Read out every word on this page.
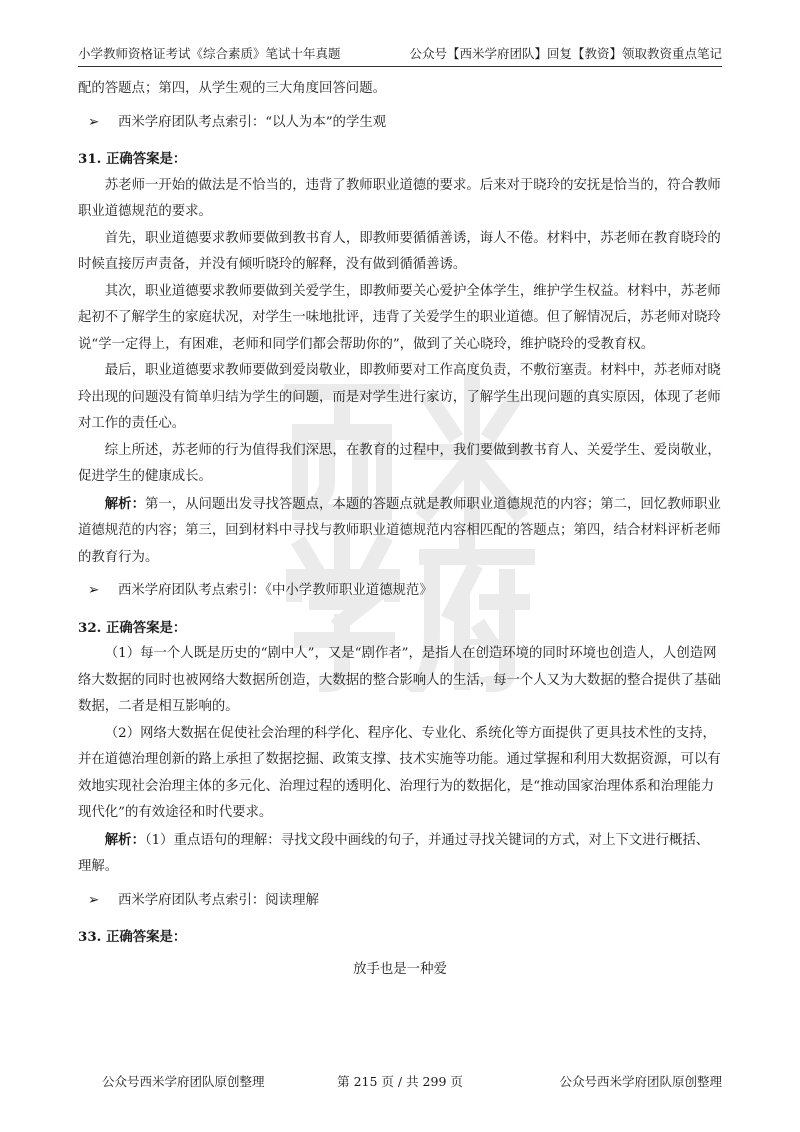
小学教师资格证考试《综合素质》笔试十年真题	公众号【西米学府团队】回复【教资】领取教资重点笔记

配的答题点；第四，从学生观的三大角度回答问题。

➢ 西米学府团队考点索引：“以人为本”的学生观

31. 正确答案是：

苏老师一开始的做法是不恰当的，违背了教师职业道德的要求。后来对于晓玲的安抚是恰当的，符合教师职业道德规范的要求。

首先，职业道德要求教师要做到教书育人，即教师要循循善诱，诲人不倦。材料中，苏老师在教育晓玲的时候直接厉声责备，并没有倾听晓玲的解释，没有做到循循善诱。

其次，职业道德要求教师要做到关爱学生，即教师要关心爱护全体学生，维护学生权益。材料中，苏老师起初不了解学生的家庭状况，对学生一味地批评，违背了关爱学生的职业道德。但了解情况后，苏老师对晓玲说“学一定得上，有困难，老师和同学们都会帮助你的”，做到了关心晓玲，维护晓玲的受教育权。

最后，职业道德要求教师要做到爱岗敬业，即教师要对工作高度负责，不敷衍塞责。材料中，苏老师对晓玲出现的问题没有简单归结为学生的问题，而是对学生进行家访，了解学生出现问题的真实原因，体现了老师对工作的责任心。

综上所述，苏老师的行为值得我们深思，在教育的过程中，我们要做到教书育人、关爱学生、爱岗敬业，促进学生的健康成长。

解析：第一，从问题出发寻找答题点，本题的答题点就是教师职业道德规范的内容；第二，回忆教师职业道德规范的内容；第三，回到材料中寻找与教师职业道德规范内容相匹配的答题点；第四，结合材料评析老师的教育行为。

➢ 西米学府团队考点索引：《中小学教师职业道德规范》

32. 正确答案是：

（1）每一个人既是历史的“剧中人”，又是“剧作者”，是指人在创造环境的同时环境也创造人，人创造网络大数据的同时也被网络大数据所创造，大数据的整合影响人的生活，每一个人又为大数据的整合提供了基础数据，二者是相互影响的。

（2）网络大数据在促使社会治理的科学化、程序化、专业化、系统化等方面提供了更具技术性的支持，并在道德治理创新的路上承担了数据挖掘、政策支撑、技术实施等功能。通过掌握和利用大数据资源，可以有效地实现社会治理主体的多元化、治理过程的透明化、治理行为的数据化，是“推动国家治理体系和治理能力现代化”的有效途径和时代要求。

解析：（1）重点语句的理解：寻找文段中画线的句子，并通过寻找关键词的方式，对上下文进行概括、理解。

➢ 西米学府团队考点索引：阅读理解

33. 正确答案是：

放手也是一种爱

公众号西米学府团队原创整理	第 215 页 / 共 299 页	公众号西米学府团队原创整理
